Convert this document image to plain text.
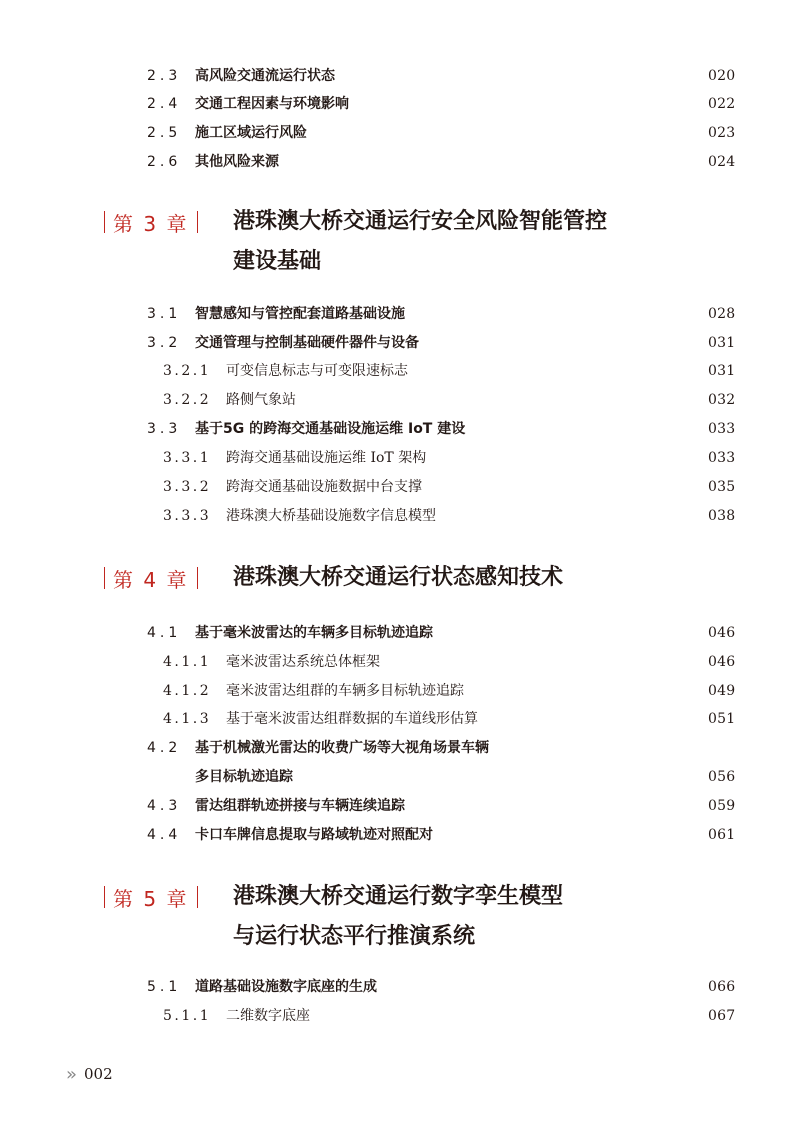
2.3 高风险交通流运行状态	020
2.4 交通工程因素与环境影响	022
2.5 施工区域运行风险	023
2.6 其他风险来源	024
第 3 章	港珠澳大桥交通运行安全风险智能管控
建设基础
3.1 智慧感知与管控配套道路基础设施	028
3.2 交通管理与控制基础硬件器件与设备	031
3.2.1 可变信息标志与可变限速标志	031
3.2.2 路侧气象站	032
3.3 基于5G 的跨海交通基础设施运维 IoT 建设	033
3.3.1 跨海交通基础设施运维 IoT 架构	033
3.3.2 跨海交通基础设施数据中台支撑	035
3.3.3 港珠澳大桥基础设施数字信息模型	038
第 4 章	港珠澳大桥交通运行状态感知技术
4.1 基于毫米波雷达的车辆多目标轨迹追踪	046
4.1.1 毫米波雷达系统总体框架	046
4.1.2 毫米波雷达组群的车辆多目标轨迹追踪	049
4.1.3 基于毫米波雷达组群数据的车道线形估算	051
4.2 基于机械激光雷达的收费广场等大视角场景车辆
多目标轨迹追踪	056
4.3 雷达组群轨迹拼接与车辆连续追踪	059
4.4 卡口车牌信息提取与路域轨迹对照配对	061
第 5 章	港珠澳大桥交通运行数字孪生模型
与运行状态平行推演系统
5.1 道路基础设施数字底座的生成	066
5.1.1 二维数字底座	067
» 002
